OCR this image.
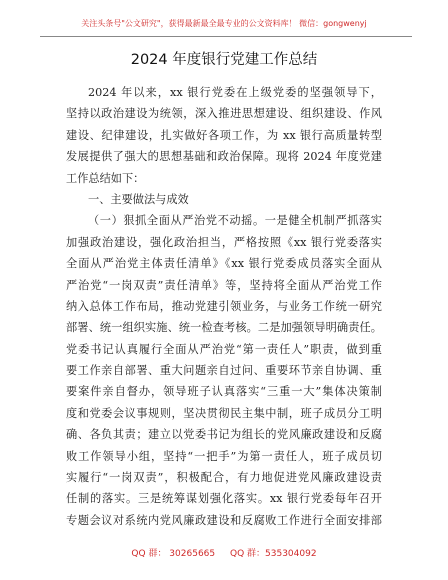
关注头条号"公文研究"，获得最新最全最专业的公文资料库！ 微信：gongwenyj
2024 年度银行党建工作总结
2024 年以来，xx 银行党委在上级党委的坚强领导下，
坚持以政治建设为统领，深入推进思想建设、组织建设、作风
建设、纪律建设，扎实做好各项工作，为 xx 银行高质量转型
发展提供了强大的思想基础和政治保障。现将 2024 年度党建
工作总结如下：
一、主要做法与成效
（一）狠抓全面从严治党不动摇。一是健全机制严抓落实
加强政治建设，强化政治担当，严格按照《xx 银行党委落实
全面从严治党主体责任清单》《xx 银行党委成员落实全面从
严治党“一岗双责”责任清单》等，坚持将全面从严治党工作
纳入总体工作布局，推动党建引领业务，与业务工作统一研究
部署、统一组织实施、统一检查考核。二是加强领导明确责任。
党委书记认真履行全面从严治党“第一责任人”职责，做到重
要工作亲自部署、重大问题亲自过问、重要环节亲自协调、重
要案件亲自督办，领导班子认真落实“三重一大”集体决策制
度和党委会议事规则，坚决贯彻民主集中制，班子成员分工明
确、各负其责；建立以党委书记为组长的党风廉政建设和反腐
败工作领导小组，坚持“一把手”为第一责任人，班子成员切
实履行“一岗双责”，积极配合，有力地促进党风廉政建设责
任制的落实。三是统筹谋划强化落实。xx 银行党委每年召开
专题会议对系统内党风廉政建设和反腐败工作进行全面安排部
QQ 群： 30265665 QQ 群：535304092
